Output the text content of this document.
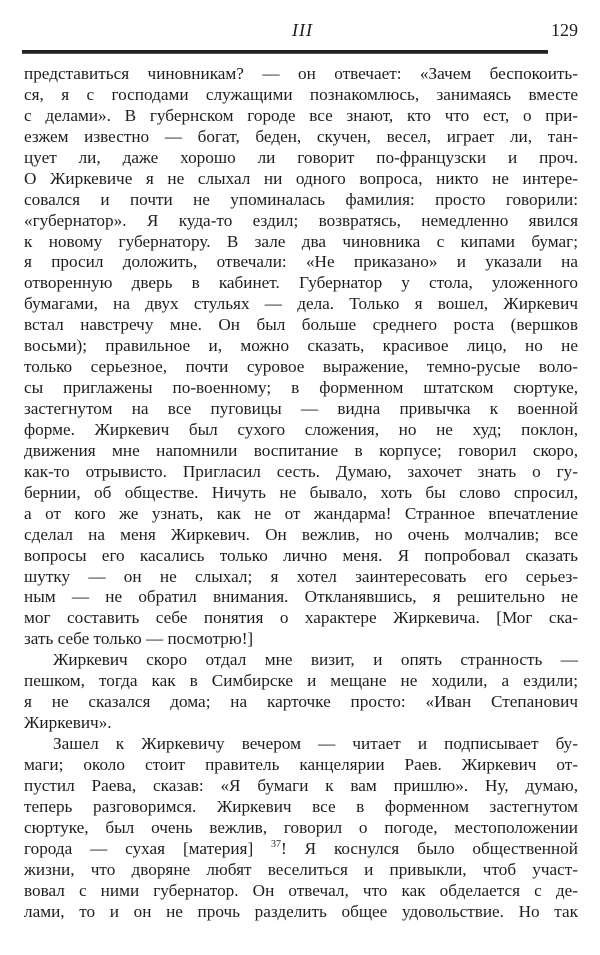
III	129
представиться чиновникам? — он отвечает: «Зачем беспокоить-
ся, я с господами служащими познакомлюсь, занимаясь вместе
с делами». В губернском городе все знают, кто что ест, о при-
езжем известно — богат, беден, скучен, весел, играет ли, тан-
цует ли, даже хорошо ли говорит по-французски и проч.
О Жиркевиче я не слыхал ни одного вопроса, никто не интере-
совался и почти не упоминалась фамилия: просто говорили:
«губернатор». Я куда-то ездил; возвратясь, немедленно явился
к новому губернатору. В зале два чиновника с кипами бумаг;
я просил доложить, отвечали: «Не приказано» и указали на
отворенную дверь в кабинет. Губернатор у стола, уложенного
бумагами, на двух стульях — дела. Только я вошел, Жиркевич
встал навстречу мне. Он был больше среднего роста (вершков
восьми); правильное и, можно сказать, красивое лицо, но не
только серьезное, почти суровое выражение, темно-русые воло-
сы приглажены по-военному; в форменном штатском сюртуке,
застегнутом на все пуговицы — видна привычка к военной
форме. Жиркевич был сухого сложения, но не худ; поклон,
движения мне напомнили воспитание в корпусе; говорил скоро,
как-то отрывисто. Пригласил сесть. Думаю, захочет знать о гу-
бернии, об обществе. Ничуть не бывало, хоть бы слово спросил,
а от кого же узнать, как не от жандарма! Странное впечатление
сделал на меня Жиркевич. Он вежлив, но очень молчалив; все
вопросы его касались только лично меня. Я попробовал сказать
шутку — он не слыхал; я хотел заинтересовать его серьез-
ным — не обратил внимания. Откланявшись, я решительно не
мог составить себе понятия о характере Жиркевича. [Мог ска-
зать себе только — посмотрю!]
Жиркевич скоро отдал мне визит, и опять странность —
пешком, тогда как в Симбирске и мещане не ходили, а ездили;
я не сказался дома; на карточке просто: «Иван Степанович
Жиркевич».
Зашел к Жиркевичу вечером — читает и подписывает бу-
маги; около стоит правитель канцелярии Раев. Жиркевич от-
пустил Раева, сказав: «Я бумаги к вам пришлю». Ну, думаю,
теперь разговоримся. Жиркевич все в форменном застегнутом
сюртуке, был очень вежлив, говорил о погоде, местоположении
города — сухая [материя] $^{37}$! Я коснулся было общественной
жизни, что дворяне любят веселиться и привыкли, чтоб участ-
вовал с ними губернатор. Он отвечал, что как обделается с де-
лами, то и он не прочь разделить общее удовольствие. Но так
